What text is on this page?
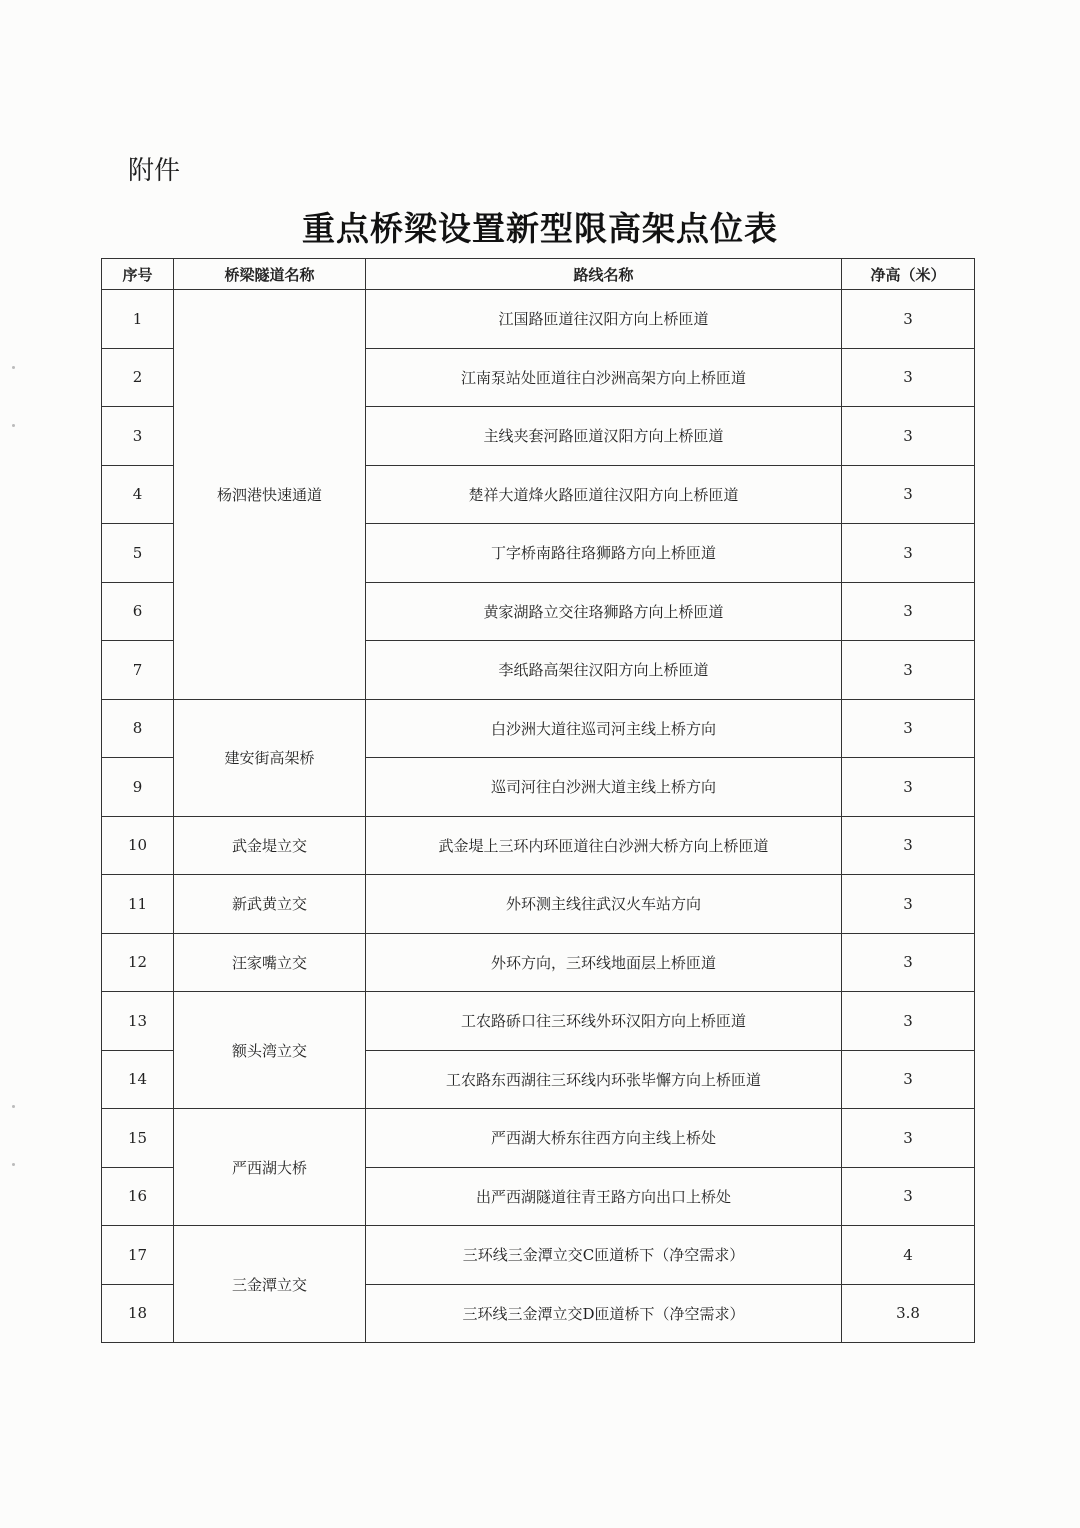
附件
重点桥梁设置新型限高架点位表
序号	桥梁隧道名称	路线名称	净高（米）
1	杨泗港快速通道	江国路匝道往汉阳方向上桥匝道	3
2		江南泵站处匝道往白沙洲高架方向上桥匝道	3
3		主线夹套河路匝道汉阳方向上桥匝道	3
4		楚祥大道烽火路匝道往汉阳方向上桥匝道	3
5		丁字桥南路往珞狮路方向上桥匝道	3
6		黄家湖路立交往珞狮路方向上桥匝道	3
7		李纸路高架往汉阳方向上桥匝道	3
8	建安街高架桥	白沙洲大道往巡司河主线上桥方向	3
9		巡司河往白沙洲大道主线上桥方向	3
10	武金堤立交	武金堤上三环内环匝道往白沙洲大桥方向上桥匝道	3
11	新武黄立交	外环测主线往武汉火车站方向	3
12	汪家嘴立交	外环方向，三环线地面层上桥匝道	3
13	额头湾立交	工农路硚口往三环线外环汉阳方向上桥匝道	3
14		工农路东西湖往三环线内环张毕懈方向上桥匝道	3
15	严西湖大桥	严西湖大桥东往西方向主线上桥处	3
16		出严西湖隧道往青王路方向出口上桥处	3
17	三金潭立交	三环线三金潭立交C匝道桥下（净空需求）	4
18		三环线三金潭立交D匝道桥下（净空需求）	3.8
